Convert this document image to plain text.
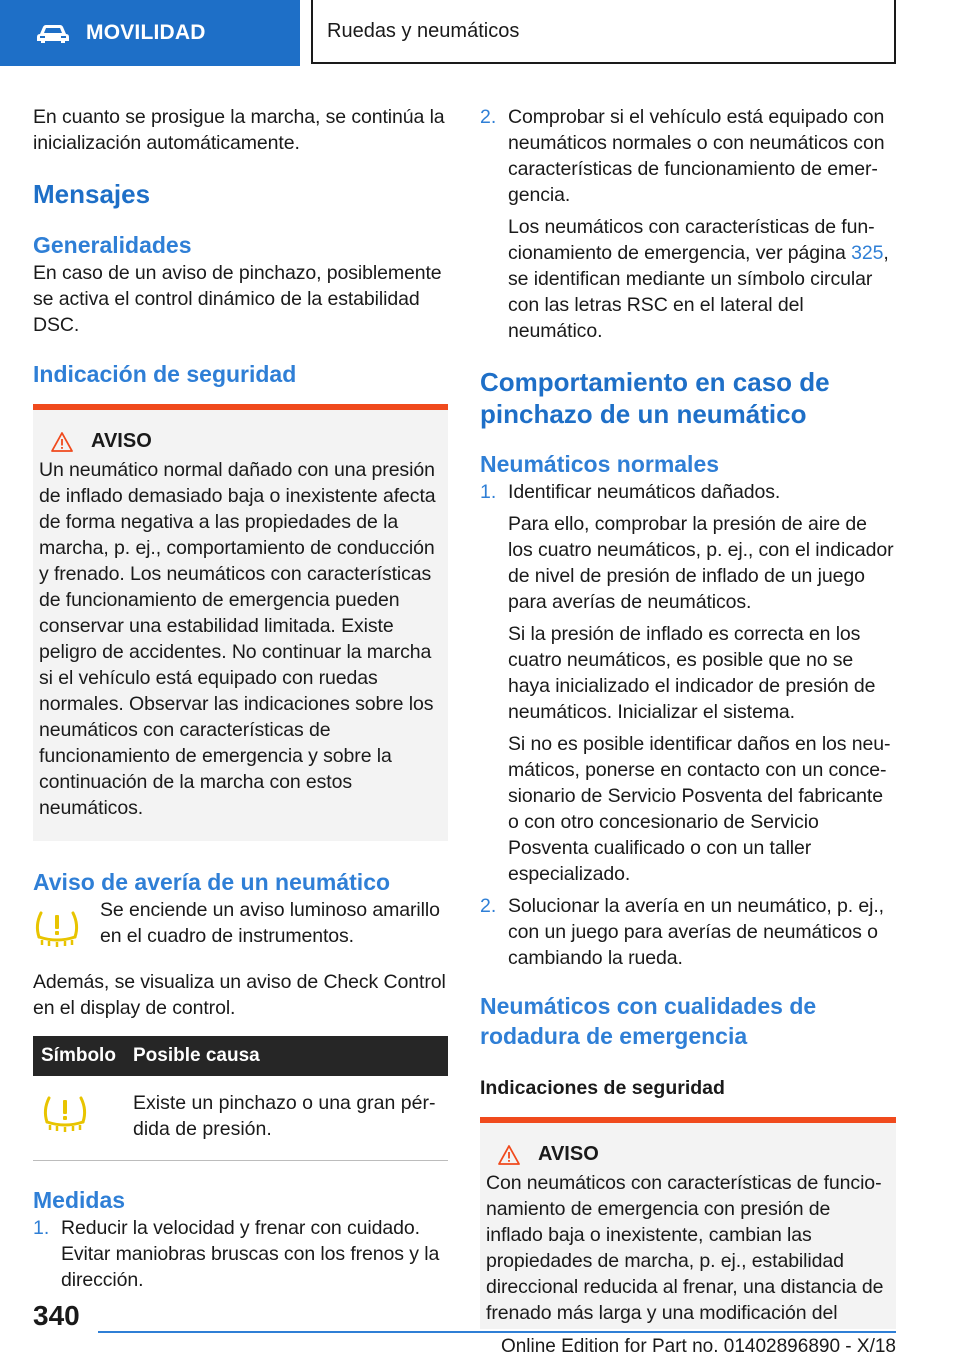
MOVILIDAD	Ruedas y neumáticos

En cuanto se prosigue la marcha, se continúa la inicialización automáticamente.

Mensajes
Generalidades

En caso de un aviso de pinchazo, posiblemente se activa el control dinámico de la estabilidad DSC.

Indicación de seguridad
AVISO

Un neumático normal dañado con una presión de inflado demasiado baja o inexistente afecta de forma negativa a las propiedades de la marcha, p. ej., comportamiento de conducción y frenado. Los neumáticos con características de funcionamiento de emergencia pueden conservar una estabilidad limitada. Existe peligro de accidentes. No continuar la marcha si el vehículo está equipado con ruedas normales. Observar las indicaciones sobre los neumáticos con características de funcionamiento de emergencia y sobre la continuación de la marcha con estos neumáticos.

Aviso de avería de un neumático

Se enciende un aviso luminoso amarillo en el cuadro de instrumentos.

Además, se visualiza un aviso de Check Control en el display de control.

Símbolo	Posible causa
	Existe un pinchazo o una gran pérdida de presión.
Medidas
1. Reducir la velocidad y frenar con cuidado. Evitar maniobras bruscas con los frenos y la dirección.

2. Comprobar si el vehículo está equipado con neumáticos normales o con neumáticos con características de funcionamiento de emergencia.

Los neumáticos con características de funcionamiento de emergencia, ver página 325, se identifican mediante un símbolo circular con las letras RSC en el lateral del neumático.

Comportamiento en caso de pinchazo de un neumático
Neumáticos normales
1. Identificar neumáticos dañados.

Para ello, comprobar la presión de aire de los cuatro neumáticos, p. ej., con el indicador de nivel de presión de inflado de un juego para averías de neumáticos.

Si la presión de inflado es correcta en los cuatro neumáticos, es posible que no se haya inicializado el indicador de presión de neumáticos. Inicializar el sistema.

Si no es posible identificar daños en los neumáticos, ponerse en contacto con un concesionario de Servicio Posventa del fabricante o con otro concesionario de Servicio Posventa cualificado o con un taller especializado.

2. Solucionar la avería en un neumático, p. ej., con un juego para averías de neumáticos o cambiando la rueda.

Neumáticos con cualidades de rodadura de emergencia
Indicaciones de seguridad
AVISO

Con neumáticos con características de funcionamiento de emergencia con presión de inflado baja o inexistente, cambian las propiedades de marcha, p. ej., estabilidad direccional reducida al frenar, una distancia de frenado más larga y una modificación del

340
Online Edition for Part no. 01402896890 - X/18
